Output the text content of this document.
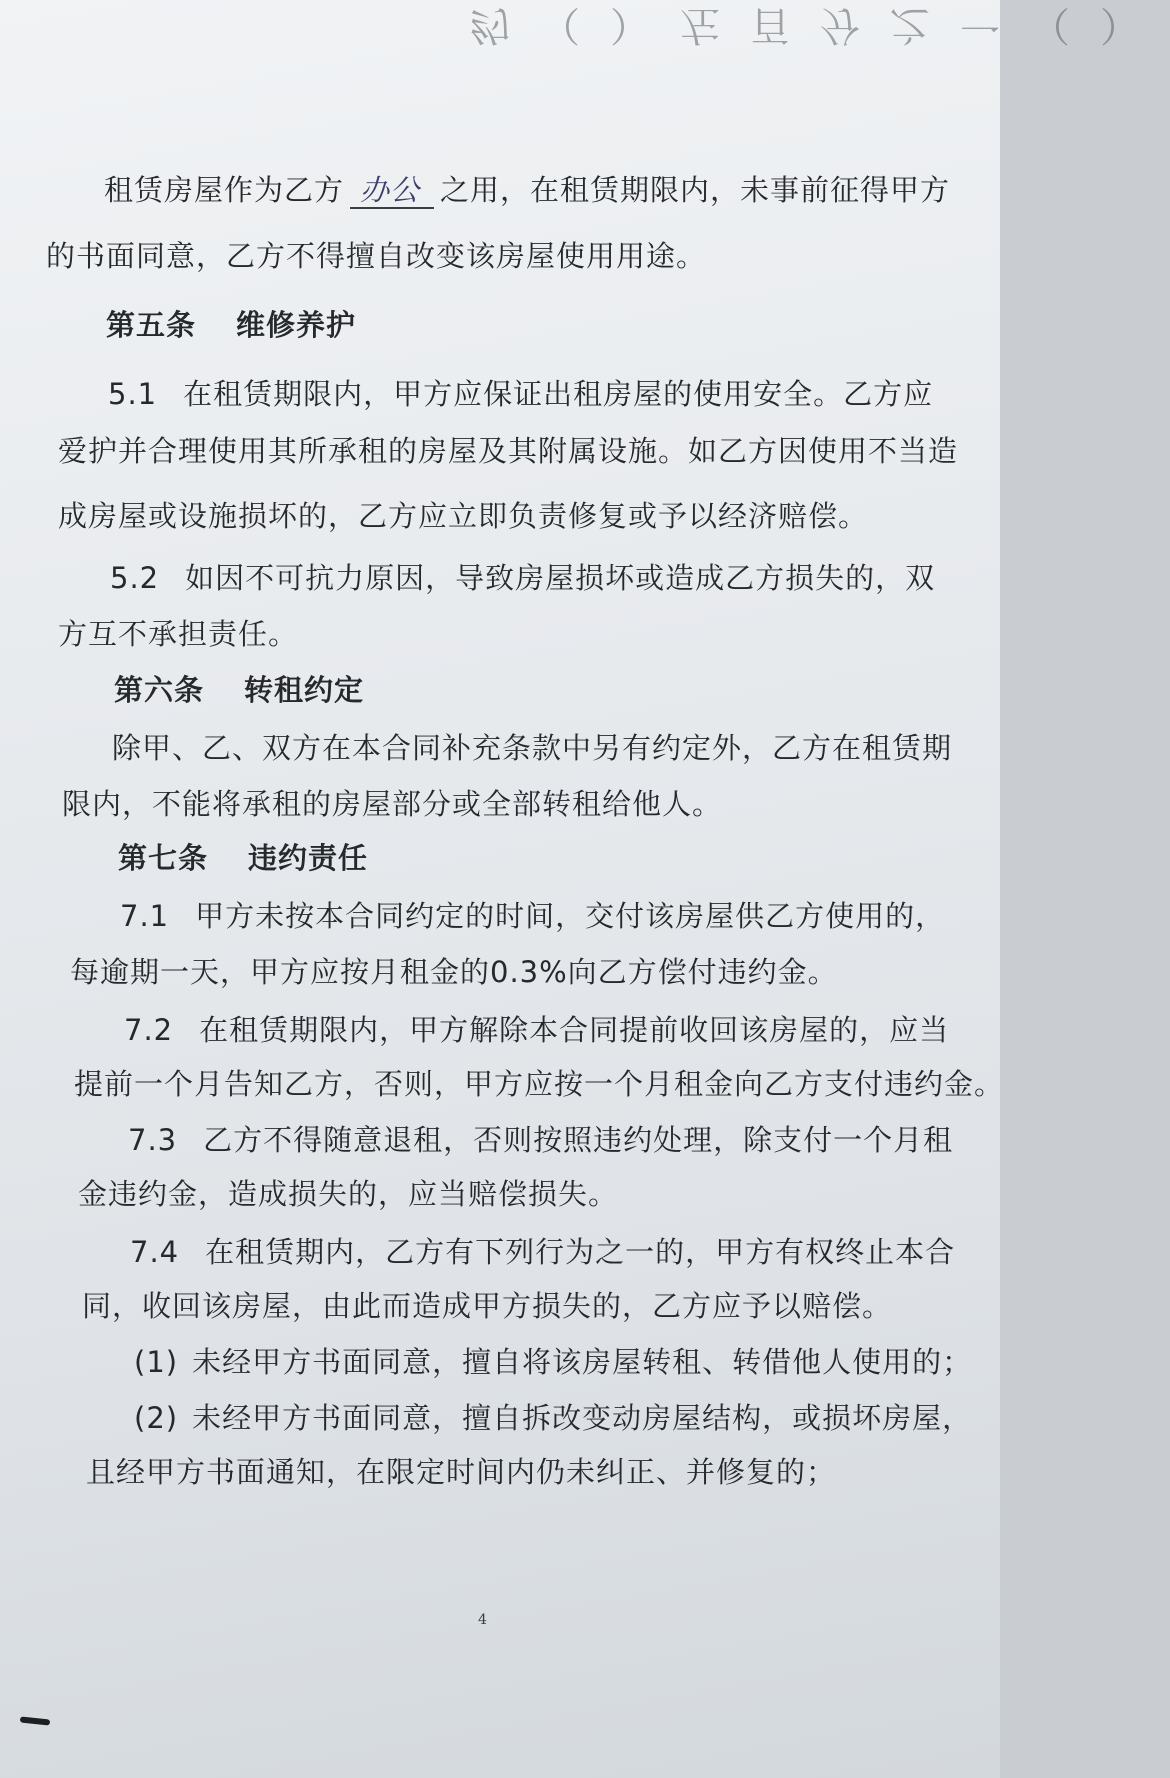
约（）左百分之一（）
租赁房屋作为乙方 办公 之用，在租赁期限内，未事前征得甲方
的书面同意，乙方不得擅自改变该房屋使用用途。
第五条 维修养护
5.1 在租赁期限内，甲方应保证出租房屋的使用安全。乙方应
爱护并合理使用其所承租的房屋及其附属设施。如乙方因使用不当造
成房屋或设施损坏的，乙方应立即负责修复或予以经济赔偿。
5.2 如因不可抗力原因，导致房屋损坏或造成乙方损失的，双
方互不承担责任。
第六条 转租约定
除甲、乙、双方在本合同补充条款中另有约定外，乙方在租赁期
限内，不能将承租的房屋部分或全部转租给他人。
第七条 违约责任
7.1 甲方未按本合同约定的时间，交付该房屋供乙方使用的，
每逾期一天，甲方应按月租金的0.3%向乙方偿付违约金。
7.2 在租赁期限内，甲方解除本合同提前收回该房屋的，应当
提前一个月告知乙方，否则，甲方应按一个月租金向乙方支付违约金。
7.3 乙方不得随意退租，否则按照违约处理，除支付一个月租
金违约金，造成损失的，应当赔偿损失。
7.4 在租赁期内，乙方有下列行为之一的，甲方有权终止本合
同，收回该房屋，由此而造成甲方损失的，乙方应予以赔偿。
(1) 未经甲方书面同意，擅自将该房屋转租、转借他人使用的；
(2) 未经甲方书面同意，擅自拆改变动房屋结构，或损坏房屋，
且经甲方书面通知，在限定时间内仍未纠正、并修复的；
4
